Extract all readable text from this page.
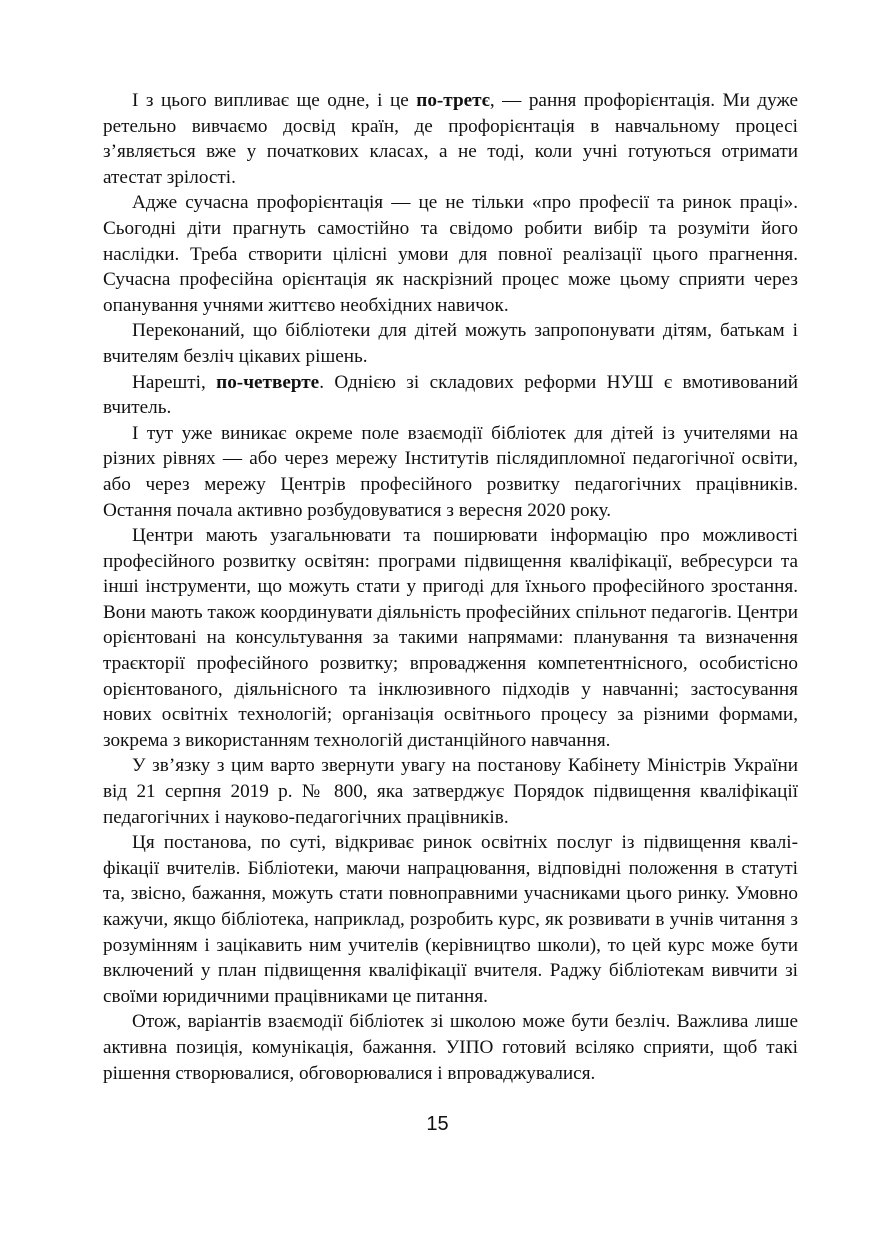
І з цього випливає ще одне, і це по-третє, — рання профорієнтація. Ми дуже ретельно вивчаємо досвід країн, де профорієнтація в навчальному процесі з’являється вже у початкових класах, а не тоді, коли учні готуються отримати атестат зрілості.

Адже сучасна профорієнтація — це не тільки «про професії та ринок праці». Сьогодні діти прагнуть самостійно та свідомо робити вибір та розуміти його наслідки. Треба створити цілісні умови для повної реалізації цього прагнення. Сучасна професійна орієнтація як наскрізний процес може цьому сприяти через опанування учнями життєво необхідних навичок.

Переконаний, що бібліотеки для дітей можуть запропонувати дітям, батькам і вчителям безліч цікавих рішень.

Нарешті, по-четверте. Однією зі складових реформи НУШ є вмотивований вчитель.

І тут уже виникає окреме поле взаємодії бібліотек для дітей із учителями на різних рівнях — або через мережу Інститутів післядипломної педагогічної освіти, або через мережу Центрів професійного розвитку педагогічних працівників. Остання почала активно розбудовуватися з вересня 2020 року.

Центри мають узагальнювати та поширювати інформацію про можливості професійного розвитку освітян: програми підвищення кваліфікації, вебресурси та інші інструменти, що можуть стати у пригоді для їхнього професійного зростання. Вони мають також координувати діяльність професійних спільнот педагогів. Центри орієнтовані на консультування за такими напрямами: планування та визначення траєкторії професійного розвитку; впровадження компетентнісного, особистісно орієнтованого, діяльнісного та інклюзивного підходів у навчанні; застосування нових освітніх технологій; організація освітнього процесу за різними формами, зокрема з використанням технологій дистанційного навчання.

У зв’язку з цим варто звернути увагу на постанову Кабінету Міністрів України від 21 серпня 2019 р. № 800, яка затверджує Порядок підвищення кваліфікації педагогічних і науково-педагогічних працівників.

Ця постанова, по суті, відкриває ринок освітніх послуг із підвищення кваліфікації вчителів. Бібліотеки, маючи напрацювання, відповідні положення в статуті та, звісно, бажання, можуть стати повноправними учасниками цього ринку. Умовно кажучи, якщо бібліотека, наприклад, розробить курс, як розвивати в учнів читання з розумінням і зацікавить ним учителів (керівництво школи), то цей курс може бути включений у план підвищення кваліфікації вчителя. Раджу бібліотекам вивчити зі своїми юридичними працівниками це питання.

Отож, варіантів взаємодії бібліотек зі школою може бути безліч. Важлива лише активна позиція, комунікація, бажання. УІПО готовий всіляко сприяти, щоб такі рішення створювалися, обговорювалися і впроваджувалися.

15
